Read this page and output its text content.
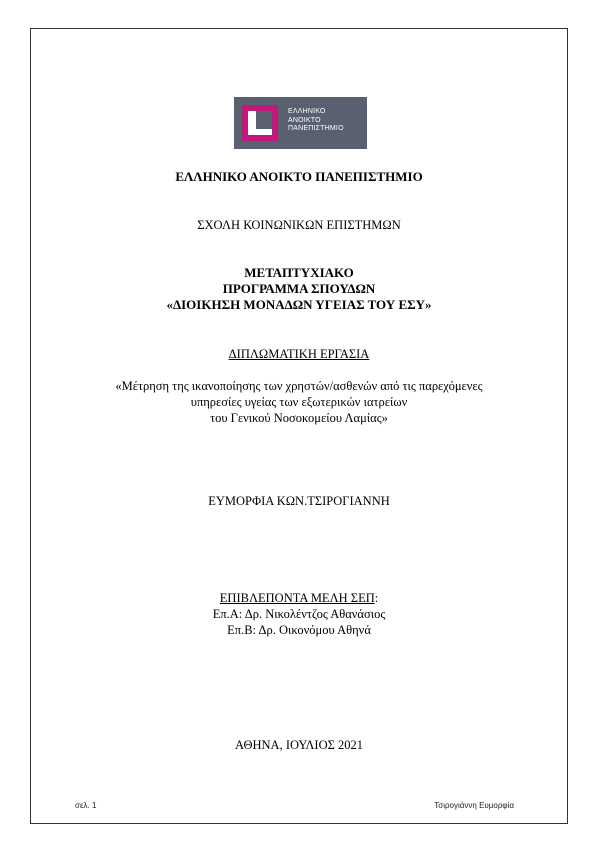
ΕΛΛΗΝΙΚΟ
ΑΝΟΙΚΤΟ
ΠΑΝΕΠΙΣΤΗΜΙΟ
ΕΛΛΗΝΙΚΟ ΑΝΟΙΚΤΟ ΠΑΝΕΠΙΣΤΗΜΙΟ
ΣΧΟΛΗ ΚΟΙΝΩΝΙΚΩΝ ΕΠΙΣΤΗΜΩΝ
ΜΕΤΑΠΤΥΧΙΑΚΟ
ΠΡΟΓΡΑΜΜΑ ΣΠΟΥΔΩΝ
«ΔΙΟΙΚΗΣΗ ΜΟΝΑΔΩΝ ΥΓΕΙΑΣ ΤΟΥ ΕΣΥ»
ΔΙΠΛΩΜΑΤΙΚΗ ΕΡΓΑΣΙΑ
«Μέτρηση της ικανοποίησης των χρηστών/ασθενών από τις παρεχόμενες
υπηρεσίες υγείας των εξωτερικών ιατρείων
του Γενικού Νοσοκομείου Λαμίας»
ΕΥΜΟΡΦΙΑ ΚΩΝ.ΤΣΙΡΟΓΙΑΝΝΗ
ΕΠΙΒΛΕΠΟΝΤΑ ΜΕΛΗ ΣΕΠ:
Επ.Α: Δρ. Νικολέντζος Αθανάσιος
Επ.Β: Δρ. Οικονόμου Αθηνά
ΑΘΗΝΑ, ΙΟΥΛΙΟΣ 2021
σελ. 1	Τσιρογιάννη Ευμορφία
